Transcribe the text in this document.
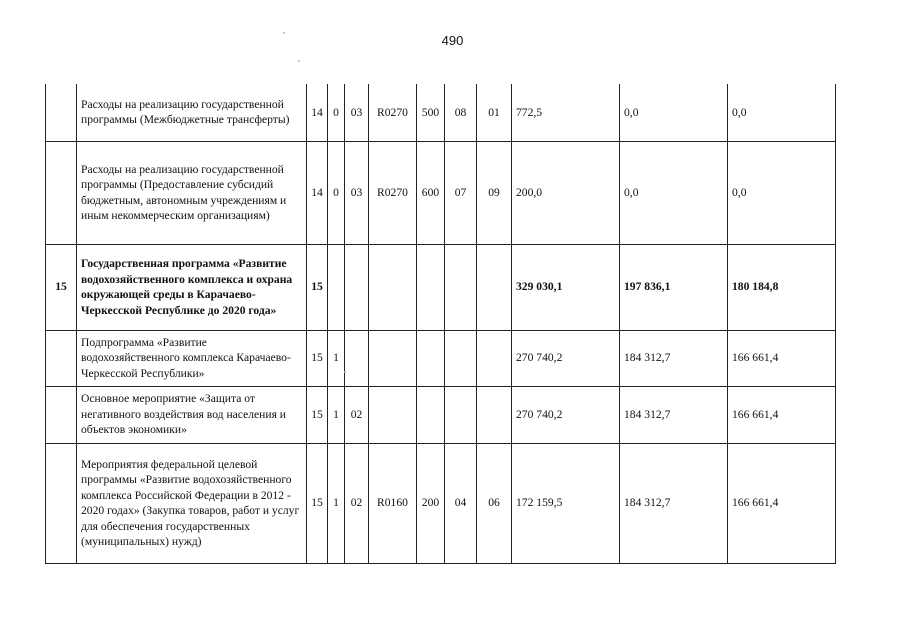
490
	Расходы на реализацию государственной программы (Межбюджетные трансферты)	14	0	03	R0270	500	08	01	772,5	0,0	0,0
	Расходы на реализацию государственной программы (Предоставление субсидий бюджетным, автономным учреждениям и иным некоммерческим организациям)	14	0	03	R0270	600	07	09	200,0	0,0	0,0
15	Государственная программа «Развитие водохозяйственного комплекса и охрана окружающей среды в Карачаево-Черкесской Республике до 2020 года»	15							329 030,1	197 836,1	180 184,8
	Подпрограмма «Развитие водохозяйственного комплекса Карачаево-Черкесской Республики»	15	1						270 740,2	184 312,7	166 661,4
	Основное мероприятие «Защита от негативного воздействия вод населения и объектов экономики»	15	1	02					270 740,2	184 312,7	166 661,4
	Мероприятия федеральной целевой программы «Развитие водохозяйственного комплекса Российской Федерации в 2012 - 2020 годах» (Закупка товаров, работ и услуг для обеспечения государственных (муниципальных) нужд)	15	1	02	R0160	200	04	06	172 159,5	184 312,7	166 661,4
